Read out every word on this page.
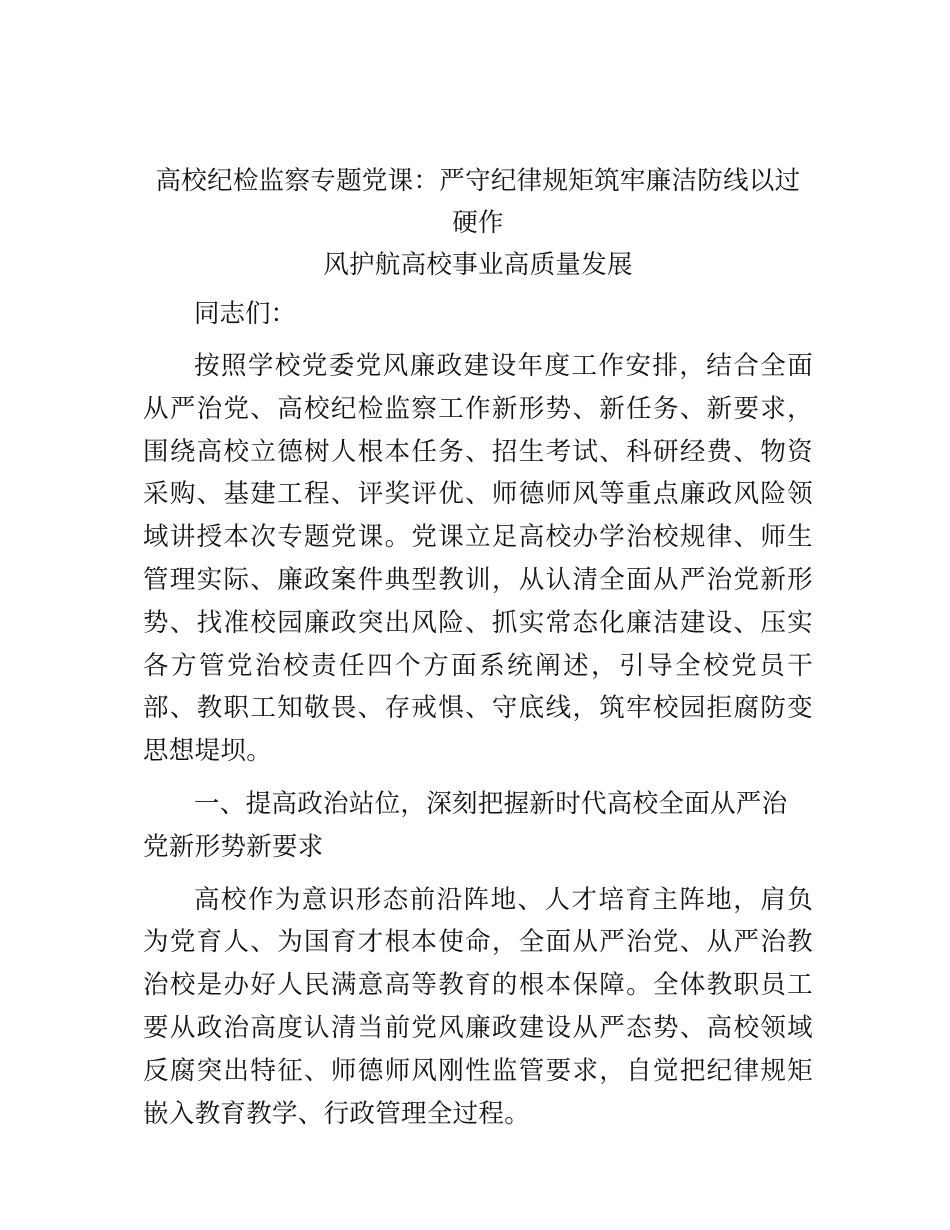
高校纪检监察专题党课：严守纪律规矩筑牢廉洁防线以过硬作
风护航高校事业高质量发展

同志们：

按照学校党委党风廉政建设年度工作安排，结合全面从严治党、高校纪检监察工作新形势、新任务、新要求，围绕高校立德树人根本任务、招生考试、科研经费、物资采购、基建工程、评奖评优、师德师风等重点廉政风险领域讲授本次专题党课。党课立足高校办学治校规律、师生管理实际、廉政案件典型教训，从认清全面从严治党新形势、找准校园廉政突出风险、抓实常态化廉洁建设、压实各方管党治校责任四个方面系统阐述，引导全校党员干部、教职工知敬畏、存戒惧、守底线，筑牢校园拒腐防变思想堤坝。

一、提高政治站位，深刻把握新时代高校全面从严治党新形势新要求

高校作为意识形态前沿阵地、人才培育主阵地，肩负为党育人、为国育才根本使命，全面从严治党、从严治教治校是办好人民满意高等教育的根本保障。全体教职员工要从政治高度认清当前党风廉政建设从严态势、高校领域反腐突出特征、师德师风刚性监管要求，自觉把纪律规矩嵌入教育教学、行政管理全过程。
